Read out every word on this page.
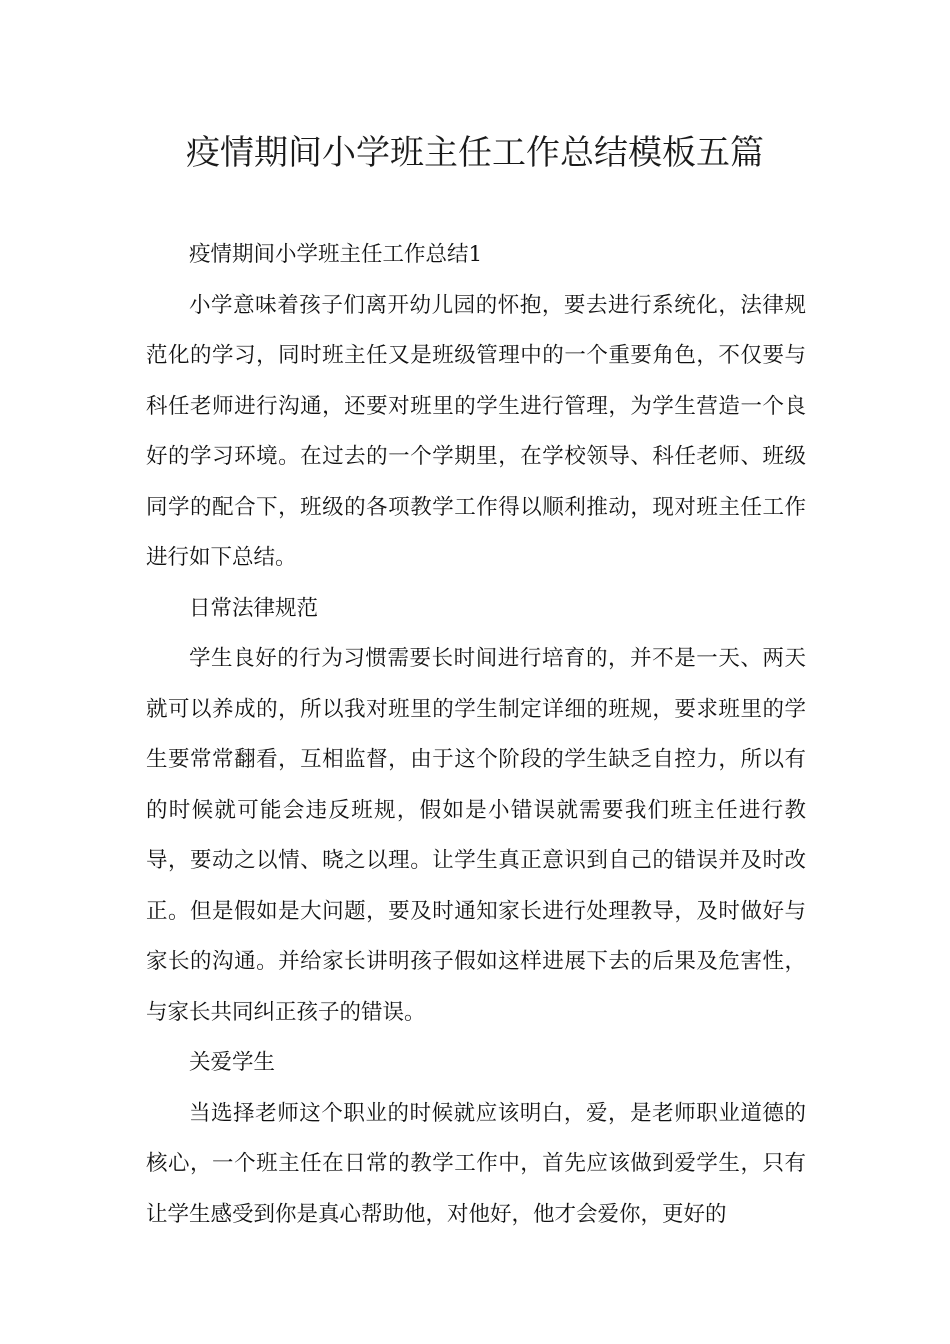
疫情期间小学班主任工作总结模板五篇

疫情期间小学班主任工作总结1

小学意味着孩子们离开幼儿园的怀抱，要去进行系统化，法律规范化的学习，同时班主任又是班级管理中的一个重要角色，不仅要与科任老师进行沟通，还要对班里的学生进行管理，为学生营造一个良好的学习环境。在过去的一个学期里，在学校领导、科任老师、班级同学的配合下，班级的各项教学工作得以顺利推动，现对班主任工作进行如下总结。

日常法律规范

学生良好的行为习惯需要长时间进行培育的，并不是一天、两天就可以养成的，所以我对班里的学生制定详细的班规，要求班里的学生要常常翻看，互相监督，由于这个阶段的学生缺乏自控力，所以有的时候就可能会违反班规，假如是小错误就需要我们班主任进行教导，要动之以情、晓之以理。让学生真正意识到自己的错误并及时改正。但是假如是大问题，要及时通知家长进行处理教导，及时做好与家长的沟通。并给家长讲明孩子假如这样进展下去的后果及危害性，与家长共同纠正孩子的错误。

关爱学生

当选择老师这个职业的时候就应该明白，爱，是老师职业道德的核心，一个班主任在日常的教学工作中，首先应该做到爱学生，只有让学生感受到你是真心帮助他，对他好，他才会爱你，更好的
